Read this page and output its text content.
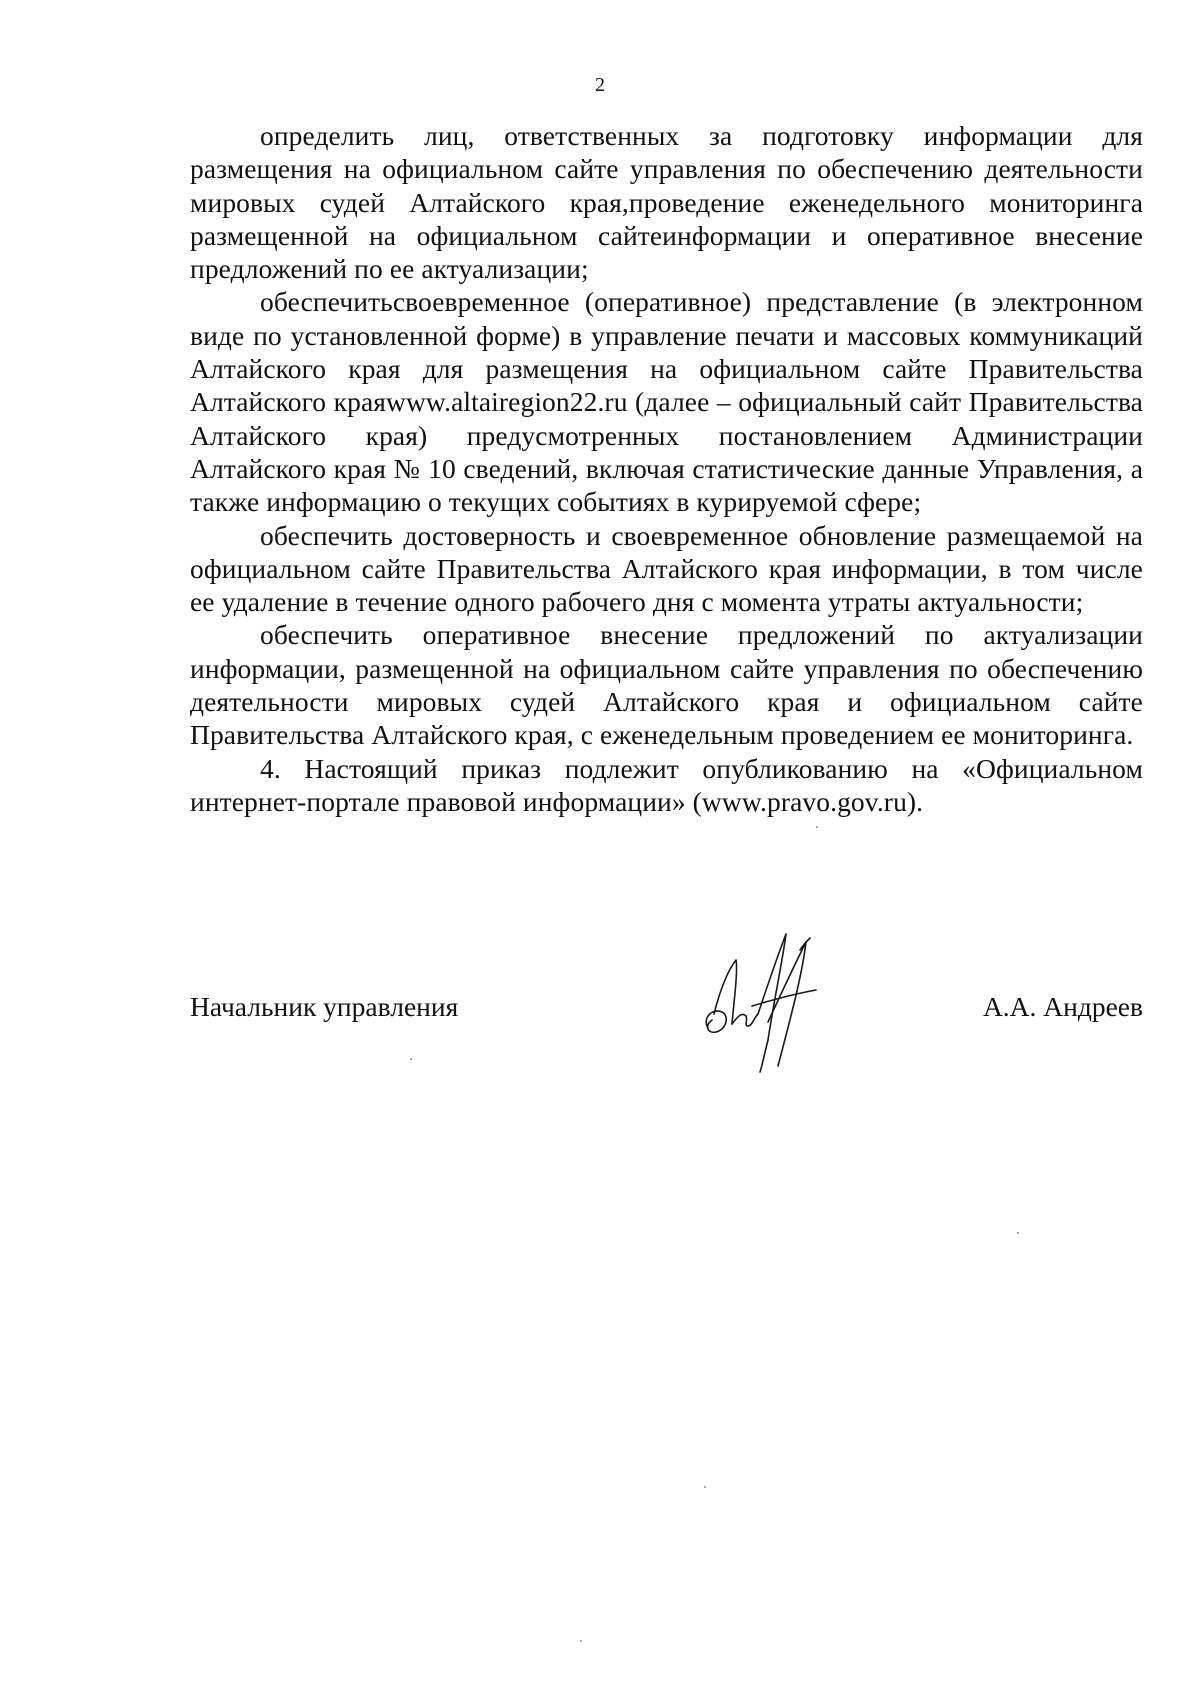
2

определить лиц, ответственных за подготовку информации для размещения на официальном сайте управления по обеспечению деятельности мировых судей Алтайского края,проведение еженедельного мониторинга размещенной на официальном сайтеинформации и оперативное внесение предложений по ее актуализации;

обеспечитьсвоевременное (оперативное) представление (в электронном виде по установленной форме) в управление печати и массовых коммуникаций Алтайского края для размещения на официальном сайте Правительства Алтайского краяwww.altairegion22.ru (далее – официальный сайт Правительства Алтайского края) предусмотренных постановлением Администрации Алтайского края № 10 сведений, включая статистические данные Управления, а также информацию о текущих событиях в курируемой сфере;

обеспечить достоверность и своевременное обновление размещаемой на официальном сайте Правительства Алтайского края информации, в том числе ее удаление в течение одного рабочего дня с момента утраты актуальности;

обеспечить оперативное внесение предложений по актуализации информации, размещенной на официальном сайте управления по обеспечению деятельности мировых судей Алтайского края и официальном сайте Правительства Алтайского края, с еженедельным проведением ее мониторинга.

4. Настоящий приказ подлежит опубликованию на «Официальном интернет-портале правовой информации» (www.pravo.gov.ru).

Начальник управления	А.А. Андреев
